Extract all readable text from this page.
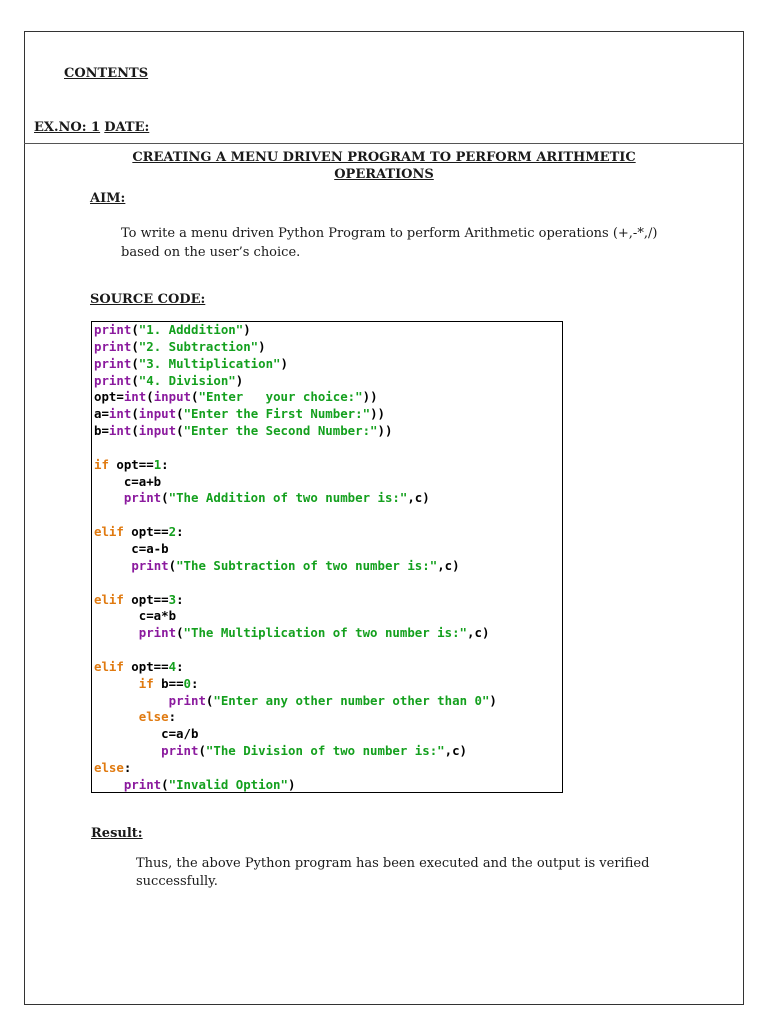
CONTENTS
EX.NO: 1 DATE:
CREATING A MENU DRIVEN PROGRAM TO PERFORM ARITHMETIC
OPERATIONS
AIM:
To write a menu driven Python Program to perform Arithmetic operations (+,-*,/)
based on the user’s choice.
SOURCE CODE:
print("1. Adddition")
print("2. Subtraction")
print("3. Multiplication")
print("4. Division")
opt=int(input("Enter   your choice:"))
a=int(input("Enter the First Number:"))
b=int(input("Enter the Second Number:"))

if opt==1:
c=a+b
print("The Addition of two number is:",c)

elif opt==2:
c=a-b
print("The Subtraction of two number is:",c)

elif opt==3:
c=a*b
print("The Multiplication of two number is:",c)

elif opt==4:
if b==0:
print("Enter any other number other than 0")
else:
c=a/b
print("The Division of two number is:",c)
else:
print("Invalid Option")
Result:
Thus, the above Python program has been executed and the output is verified
successfully.
